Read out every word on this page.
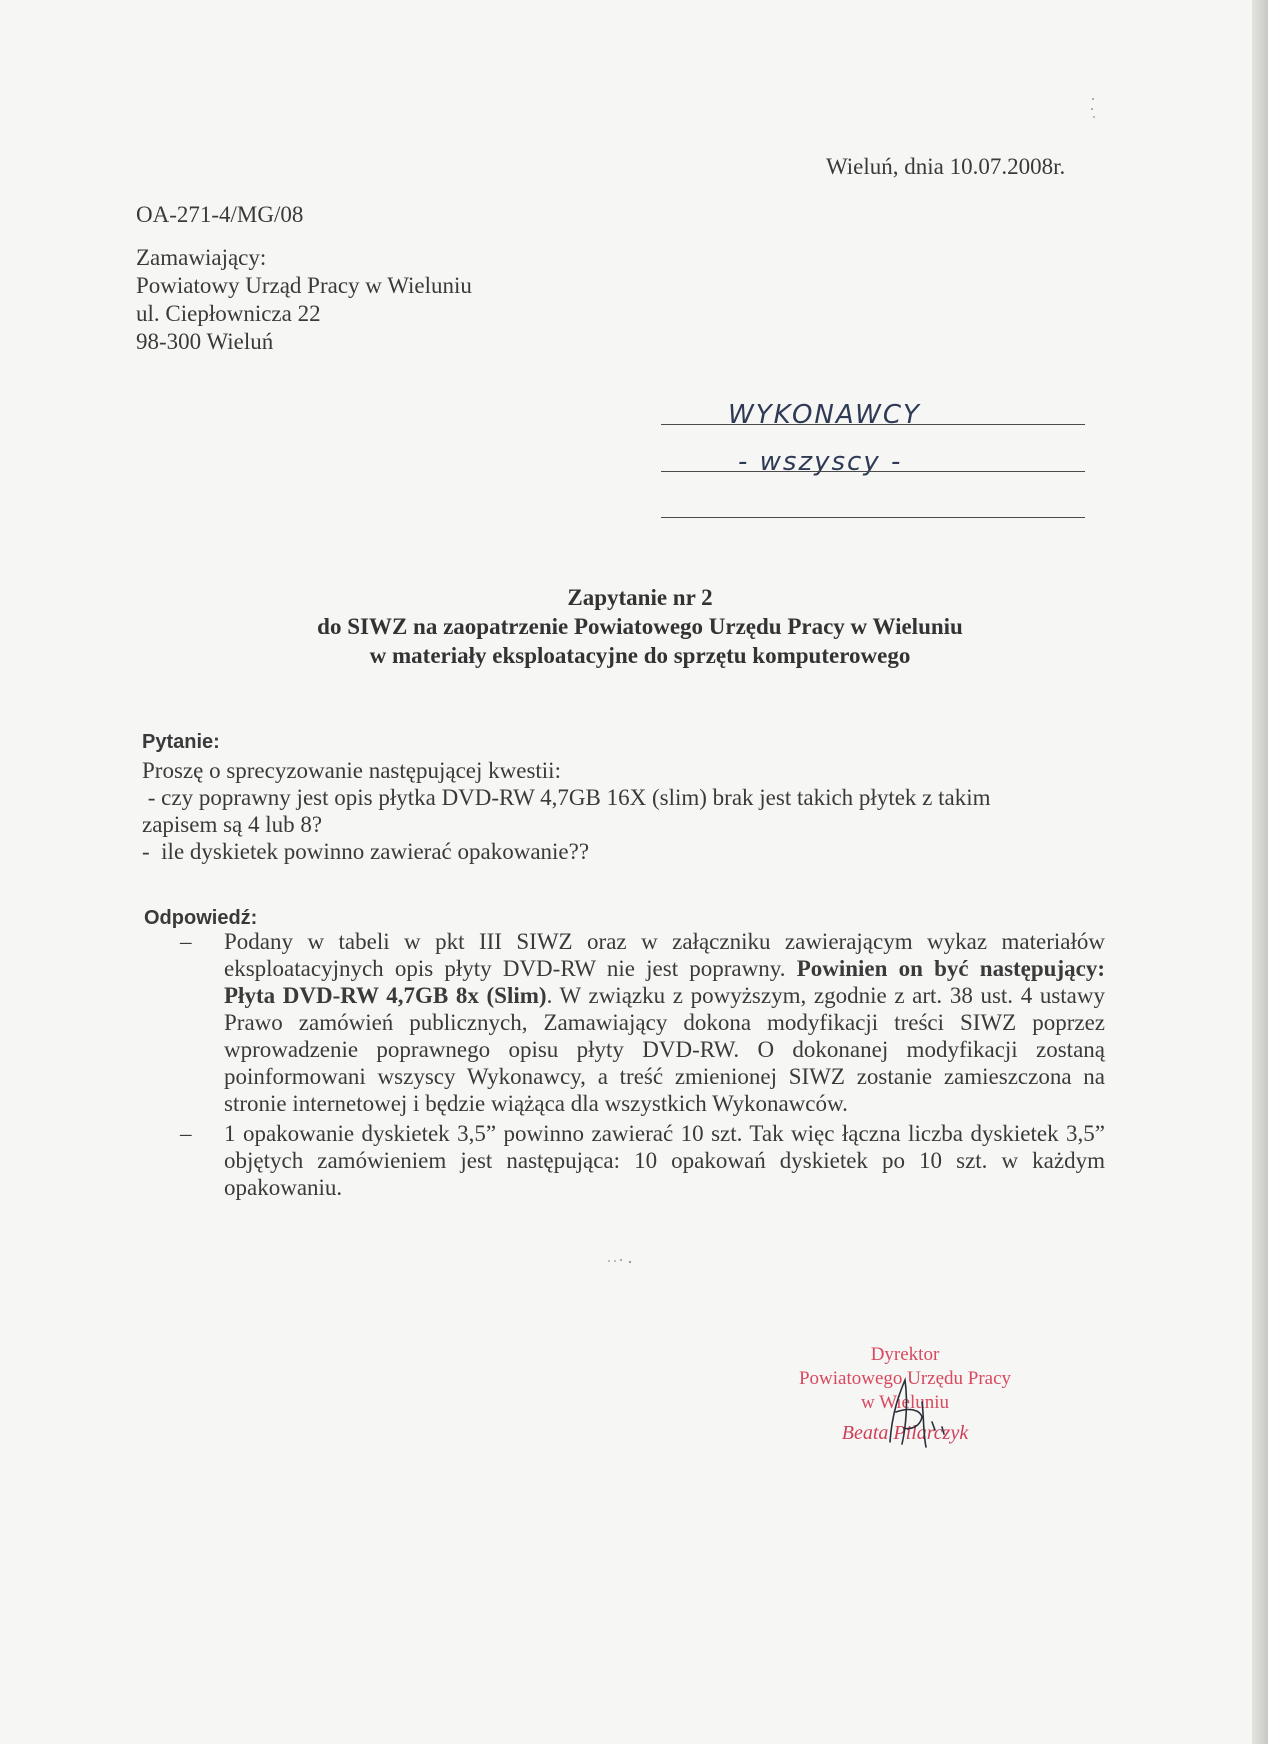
Wieluń, dnia 10.07.2008r.
OA-271-4/MG/08
Zamawiający:
Powiatowy Urząd Pracy w Wieluniu
ul. Ciepłownicza 22
98-300 Wieluń
WYKONAWCY
- wszyscy -
Zapytanie nr 2
do SIWZ na zaopatrzenie Powiatowego Urzędu Pracy w Wieluniu
w materiały eksploatacyjne do sprzętu komputerowego
Pytanie:
Proszę o sprecyzowanie następującej kwestii:
- czy poprawny jest opis płytka DVD-RW 4,7GB 16X (slim) brak jest takich płytek z takim
zapisem są 4 lub 8?
-  ile dyskietek powinno zawierać opakowanie??
Odpowiedź:
– Podany w tabeli w pkt III SIWZ oraz w załączniku zawierającym wykaz materiałów eksploatacyjnych opis płyty DVD-RW nie jest poprawny. Powinien on być następujący: Płyta DVD-RW 4,7GB 8x (Slim). W związku z powyższym, zgodnie z art. 38 ust. 4 ustawy Prawo zamówień publicznych, Zamawiający dokona modyfikacji treści SIWZ poprzez wprowadzenie poprawnego opisu płyty DVD-RW. O dokonanej modyfikacji zostaną poinformowani wszyscy Wykonawcy, a treść zmienionej SIWZ zostanie zamieszczona na stronie internetowej i będzie wiążąca dla wszystkich Wykonawców.
– 1 opakowanie dyskietek 3,5” powinno zawierać 10 szt. Tak więc łączna liczba dyskietek 3,5” objętych zamówieniem jest następująca: 10 opakowań dyskietek po 10 szt. w każdym opakowaniu.
Dyrektor
Powiatowego Urzędu Pracy
w Wieluniu
Beata Pilarczyk
